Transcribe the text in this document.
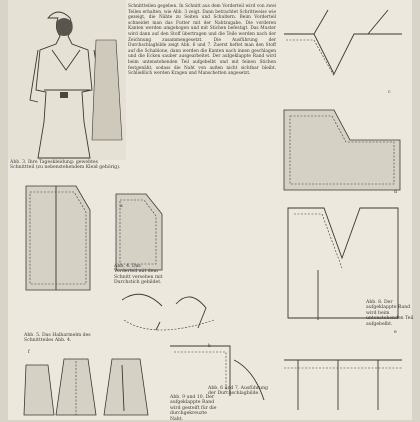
Abb. 3. Ihre Tageskleidung: gewebtes Schnittteil (zu nebenstehendem Kleid gehörig).
Abb. 4. Das Vorderteil mit dem Schnitt versehen mit Durchstich gebildet.
Abb. 5. Das Halbarmelm des Schnittteiles Abb. 4.

Schnittteilen gegeben. In Schnitt aus dem Vorderteil wird von zwei Teilen erhalten, wie Abb. 3 zeigt. Dann betrachtet Schrittweise wie gezeigt, die Nähte zu Seiten und Schultern. Beim Vorderteil schneidet man das Futter mit der Nahtzugabe. Die vorderen Kanten werden umgebogen und mit Stichen befestigt. Das Muster wird dann auf den Stoff übertragen und die Teile werden nach der Zeichnung zusammengesetzt. Die Ausführung der Durchschlagbilde zeigt Abb. 6 und 7. Zuerst heftet man den Stoff auf die Schablone, dann werden die Kanten nach innen geschlagen und die Ecken sauber ausgearbeitet. Der aufgeklappte Rand wird beim untenstehenden Teil aufgebelbt und mit feinen Stichen festgenäht, sodass die Naht von außen nicht sichtbar bleibt. Schließlich werden Kragen und Manschetten angesetzt.

Abb. 6 und 7. Ausführung der Durchschlagbilde.
Abb. 8. Der aufgeklappte Rand wird beim untenstehenden Teil aufgebelbt.
Abb. 9 und 10. Der aufgeklappte Rand wird gesteift für die durchgekreuzte Naht.
a
b
c
d
e
f
